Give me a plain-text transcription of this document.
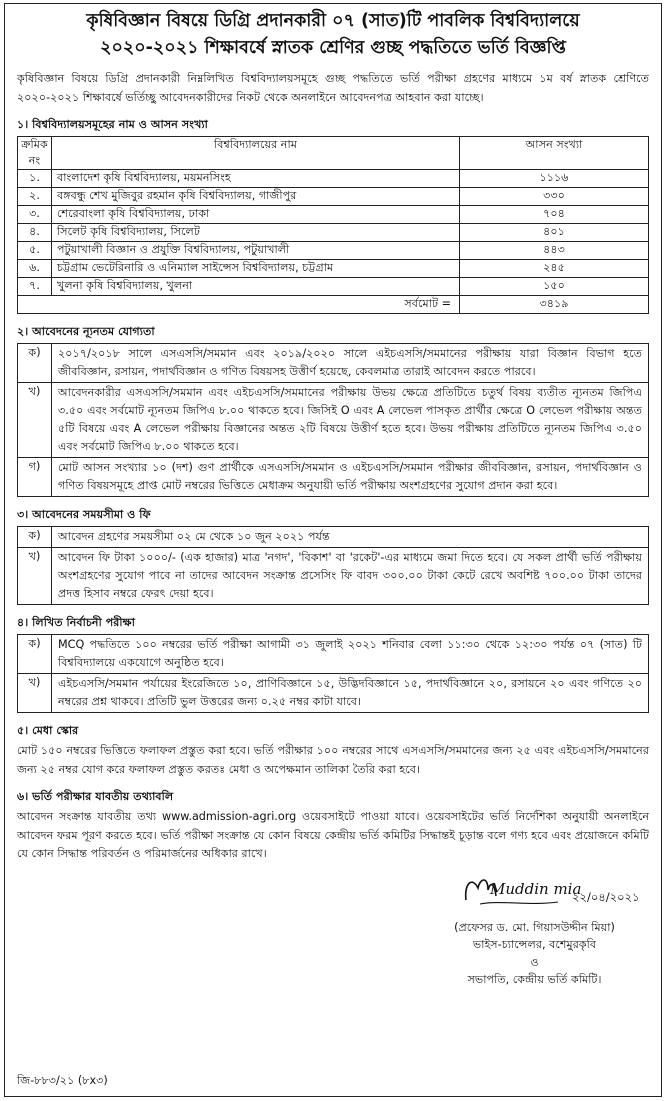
কৃষিবিজ্ঞান বিষয়ে ডিগ্রি প্রদানকারী ০৭ (সাত)টি পাবলিক বিশ্ববিদ্যালয়ে
২০২০-২০২১ শিক্ষাবর্ষে স্নাতক শ্রেণির গুচ্ছ পদ্ধতিতে ভর্তি বিজ্ঞপ্তি

কৃষিবিজ্ঞান বিষয়ে ডিগ্রি প্রদানকারী নিম্নলিখিত বিশ্ববিদ্যালয়সমূহে গুচ্ছ পদ্ধতিতে ভর্তি পরীক্ষা গ্রহণের মাধ্যমে ১ম বর্ষ স্নাতক শ্রেণিতে ২০২০-২০২১ শিক্ষাবর্ষে ভর্তিচ্ছু আবেদনকারীদের নিকট থেকে অনলাইনে আবেদনপত্র আহবান করা যাচ্ছে।

১। বিশ্ববিদ্যালয়সমূহের নাম ও আসন সংখ্যা
ক্রমিক নং	বিশ্ববিদ্যালয়ের নাম	আসন সংখ্যা
১.	বাংলাদেশ কৃষি বিশ্ববিদ্যালয়, ময়মনসিংহ	১১১৬
২.	বঙ্গবন্ধু শেখ মুজিবুর রহমান কৃষি বিশ্ববিদ্যালয়, গাজীপুর	৩৩০
৩.	শেরেবাংলা কৃষি বিশ্ববিদ্যালয়, ঢাকা	৭০৪
৪.	সিলেট কৃষি বিশ্ববিদ্যালয়, সিলেট	৪০১
৫.	পটুয়াখালী বিজ্ঞান ও প্রযুক্তি বিশ্ববিদ্যালয়, পটুয়াখালী	৪৪৩
৬.	চট্টগ্রাম ভেটেরিনারি ও এনিম্যাল সাইন্সেস বিশ্ববিদ্যালয়, চট্টগ্রাম	২৪৫
৭.	খুলনা কৃষি বিশ্ববিদ্যালয়, খুলনা	১৫০
	সর্বমোট =	৩৪১৯
২। আবেদনের ন্যূনতম যোগ্যতা
ক)	২০১৭/২০১৮ সালে এসএসসি/সমমান এবং ২০১৯/২০২০ সালে এইচএসসি/সমমানের পরীক্ষায় যারা বিজ্ঞান বিভাগ হতে জীববিজ্ঞান, রসায়ন, পদার্থবিজ্ঞান ও গণিত বিষয়সহ উত্তীর্ণ হয়েছে, কেবলমাত্র তারাই আবেদন করতে পারবে।
খ)	আবেদনকারীর এসএসসি/সমমান এবং এইচএসসি/সমমানের পরীক্ষায় উভয় ক্ষেত্রে প্রতিটিতে চতুর্থ বিষয় ব্যতীত ন্যূনতম জিপিএ ৩.৫০ এবং সর্বমোট ন্যূনতম জিপিএ ৮.০০ থাকতে হবে। জিসিই O এবং A লেভেল পাসকৃত প্রার্থীর ক্ষেত্রে O লেভেল পরীক্ষায় অন্তত ৫টি বিষয়ে এবং A লেভেল পরীক্ষায় বিজ্ঞানের অন্তত ২টি বিষয়ে উত্তীর্ণ হতে হবে। উভয় পরীক্ষায় প্রতিটিতে ন্যূনতম জিপিএ ৩.৫০ এবং সর্বমোট জিপিএ ৮.০০ থাকতে হবে।
গ)	মোট আসন সংখ্যার ১০ (দশ) গুণ প্রার্থীকে এসএসসি/সমমান ও এইচএসসি/সমমান পরীক্ষার জীববিজ্ঞান, রসায়ন, পদার্থবিজ্ঞান ও গণিত বিষয়সমূহে প্রাপ্ত মোট নম্বরের ভিত্তিতে মেধাক্রম অনুযায়ী ভর্তি পরীক্ষায় অংশগ্রহণের সুযোগ প্রদান করা হবে।
৩। আবেদনের সময়সীমা ও ফি
ক)	আবেদন গ্রহণের সময়সীমা ০২ মে থেকে ১০ জুন ২০২১ পর্যন্ত
খ)	আবেদন ফি টাকা ১০০০/- (এক হাজার) মাত্র 'নগদ', 'বিকাশ' বা 'রকেট'-এর মাধ্যমে জমা দিতে হবে। যে সকল প্রার্থী ভর্তি পরীক্ষায় অংশগ্রহণের সুযোগ পাবে না তাদের আবেদন সংক্রান্ত প্রসেসিং ফি বাবদ ৩০০.০০ টাকা কেটে রেখে অবশিষ্ট ৭০০.০০ টাকা তাদের প্রদত্ত হিসাব নম্বরে ফেরৎ দেয়া হবে।
৪। লিখিত নির্বাচনী পরীক্ষা
ক)	MCQ পদ্ধতিতে ১০০ নম্বরের ভর্তি পরীক্ষা আগামী ৩১ জুলাই ২০২১ শনিবার বেলা ১১:৩০ থেকে ১২:৩০ পর্যন্ত ০৭ (সাত) টি বিশ্ববিদ্যালয়ে একযোগে অনুষ্ঠিত হবে।
খ)	এইচএসসি/সমমান পর্যায়ের ইংরেজিতে ১০, প্রাণিবিজ্ঞানে ১৫, উদ্ভিদবিজ্ঞানে ১৫, পদার্থবিজ্ঞানে ২০, রসায়নে ২০ এবং গণিতে ২০ নম্বরের প্রশ্ন থাকবে। প্রতিটি ভুল উত্তরের জন্য ০.২৫ নম্বর কাটা যাবে।
৫। মেধা স্কোর

মোট ১৫০ নম্বরের ভিত্তিতে ফলাফল প্রস্তুত করা হবে। ভর্তি পরীক্ষার ১০০ নম্বরের সাথে এসএসসি/সমমানের জন্য ২৫ এবং এইচএসসি/সমমানের জন্য ২৫ নম্বর যোগ করে ফলাফল প্রস্তুত করতঃ মেধা ও অপেক্ষমান তালিকা তৈরি করা হবে।

৬। ভর্তি পরীক্ষার যাবতীয় তথ্যাবলি

আবেদন সংক্রান্ত যাবতীয় তথ্য www.admission-agri.org ওয়েবসাইটে পাওয়া যাবে। ওয়েবসাইটের ভর্তি নির্দেশিকা অনুযায়ী অনলাইনে আবেদন ফরম পূরণ করতে হবে। ভর্তি পরীক্ষা সংক্রান্ত যে কোন বিষয়ে কেন্দ্রীয় ভর্তি কমিটির সিদ্ধান্তই চূড়ান্ত বলে গণ্য হবে এবং প্রয়োজনে কমিটি যে কোন সিদ্ধান্ত পরিবর্তন ও পরিমার্জনের অধিকার রাখে।

Muddin mia
২২/০৪/২০২১
(প্রফেসর ড. মো. গিয়াসউদ্দীন মিয়া)
ভাইস-চ্যান্সেলর, বশেমুরকৃবি
ও
সভাপতি, কেন্দ্রীয় ভর্তি কমিটি।
জি-৮৮৩/২১ (৮x৩)
